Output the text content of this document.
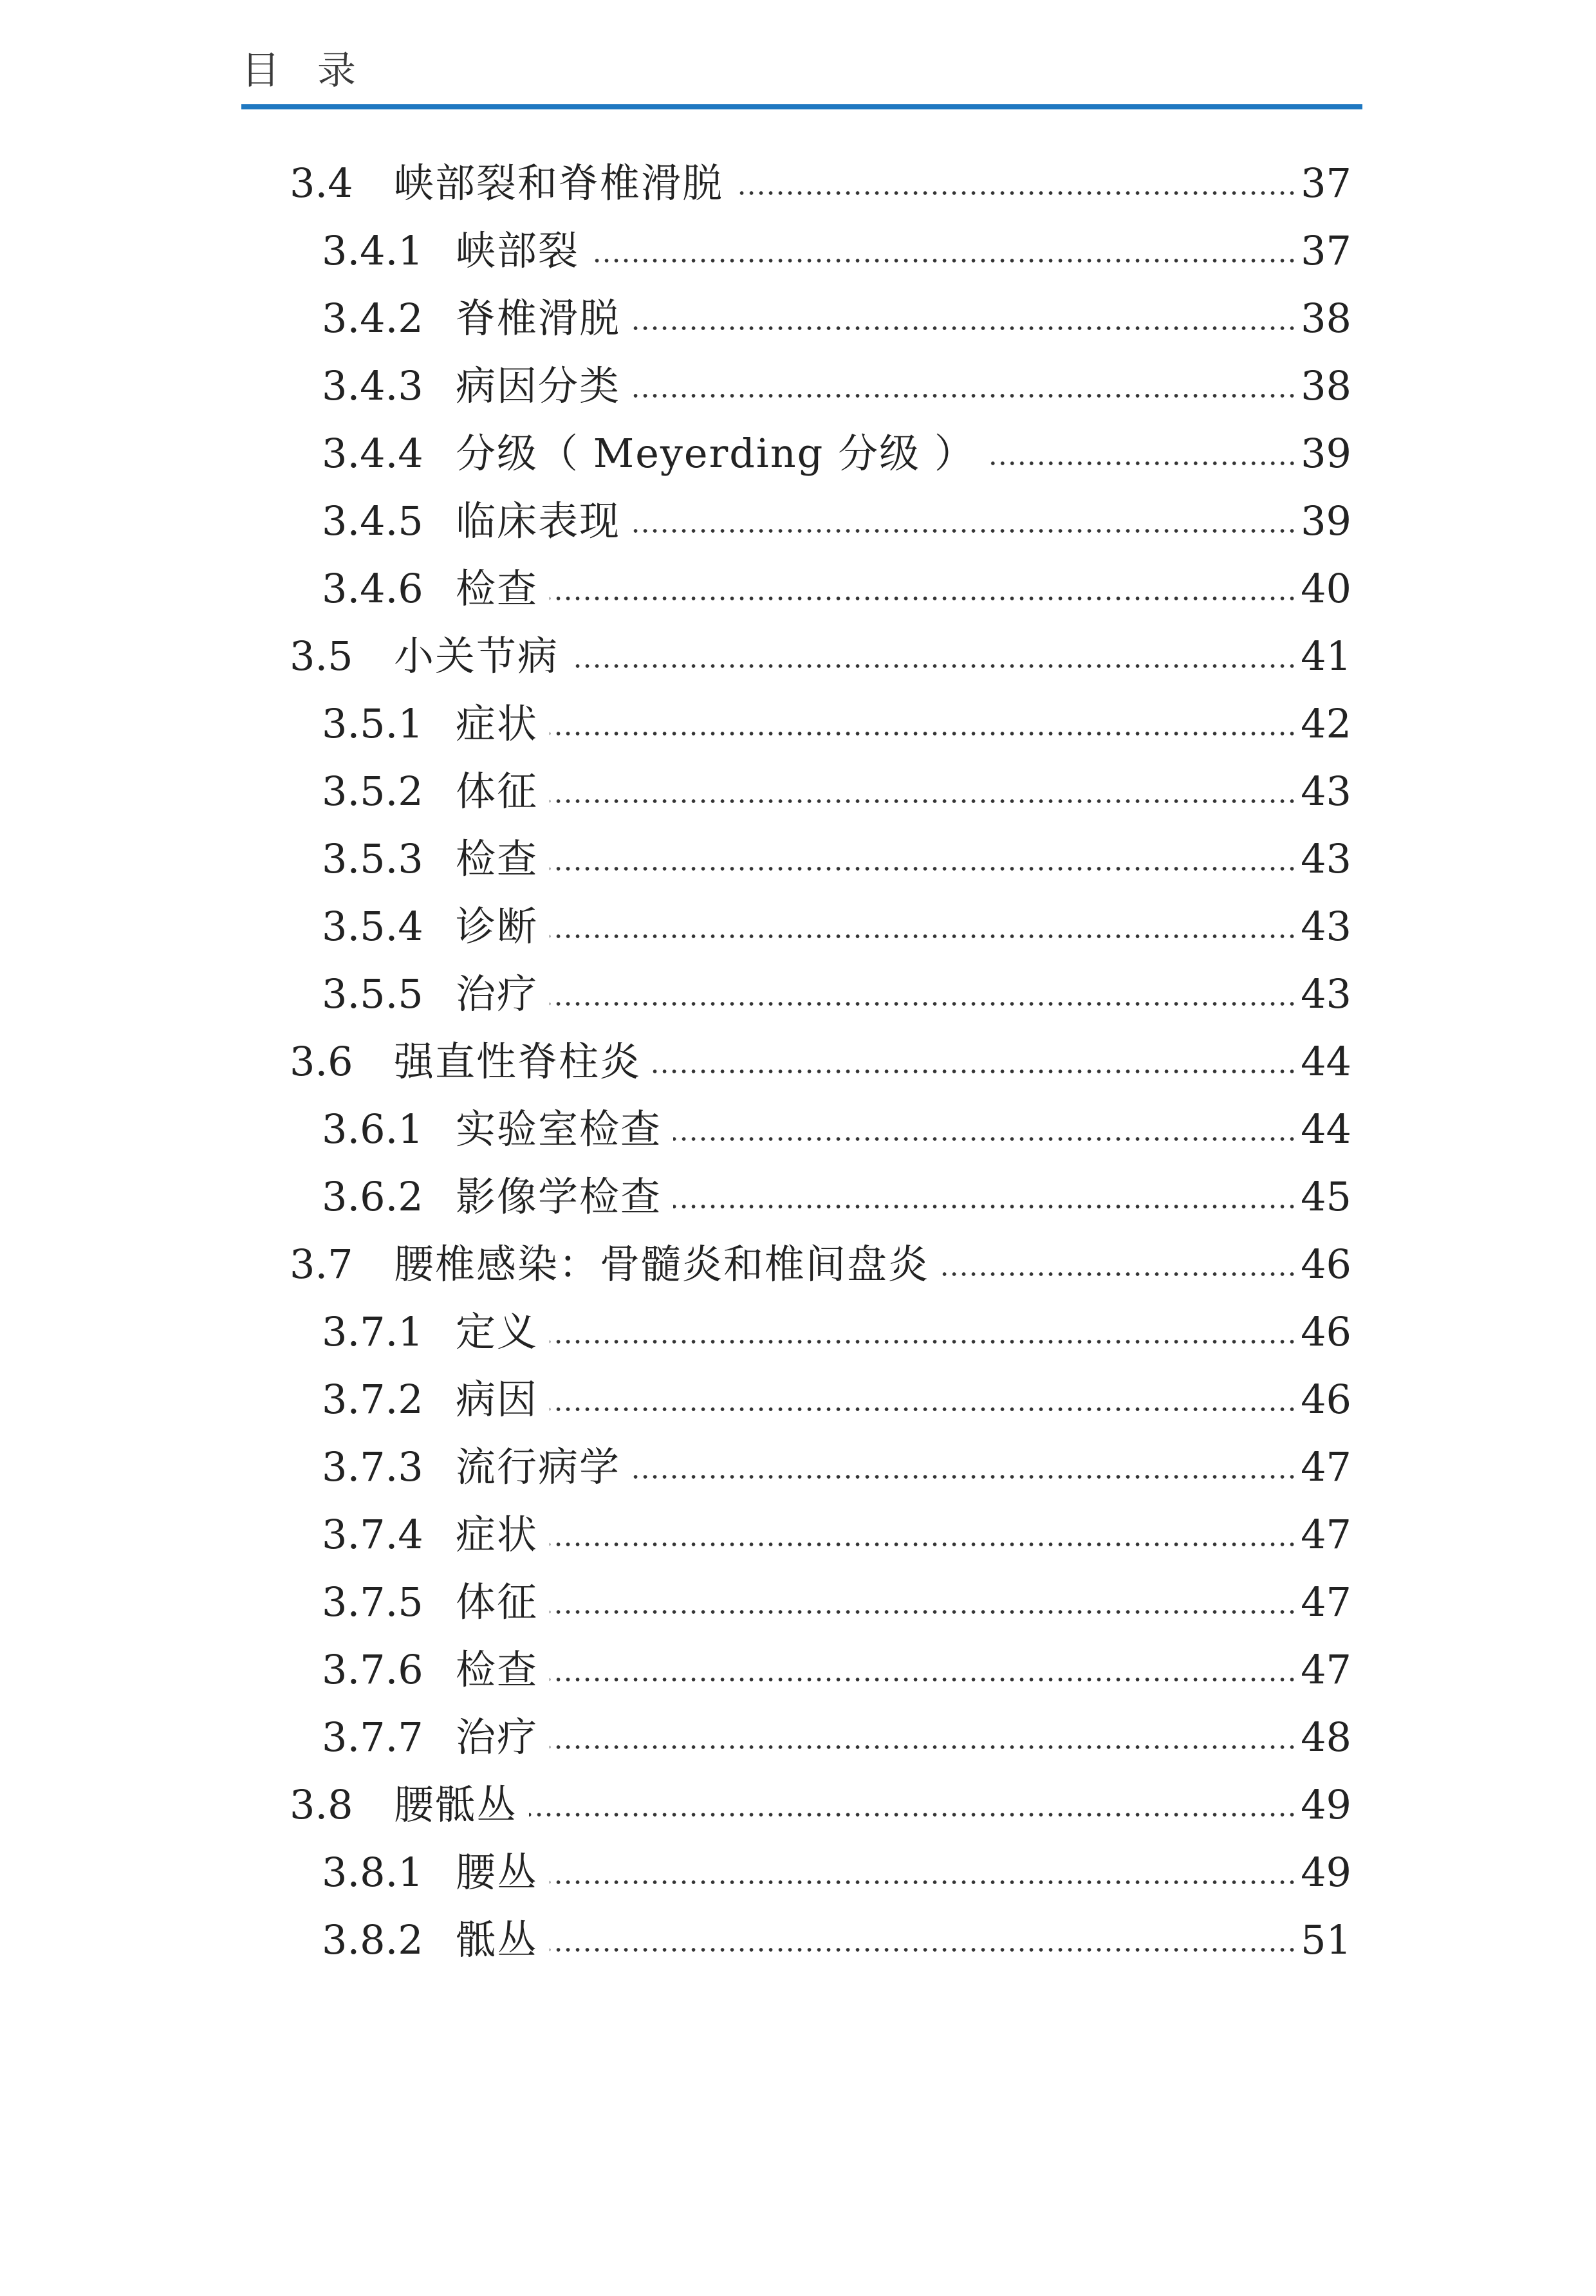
目录
3.4	峡部裂和脊椎滑脱	37
3.4.1 峡部裂	37
3.4.2 脊椎滑脱	38
3.4.3 病因分类	38
3.4.4 分级（ Meyerding 分级 ）	39
3.4.5 临床表现	39
3.4.6 检查	40
3.5	小关节病	41
3.5.1 症状	42
3.5.2 体征	43
3.5.3 检查	43
3.5.4 诊断	43
3.5.5 治疗	43
3.6	强直性脊柱炎	44
3.6.1 实验室检查	44
3.6.2 影像学检查	45
3.7	腰椎感染：骨髓炎和椎间盘炎	46
3.7.1 定义	46
3.7.2 病因	46
3.7.3 流行病学	47
3.7.4 症状	47
3.7.5 体征	47
3.7.6 检查	47
3.7.7 治疗	48
3.8	腰骶丛	49
3.8.1 腰丛	49
3.8.2 骶丛	51
